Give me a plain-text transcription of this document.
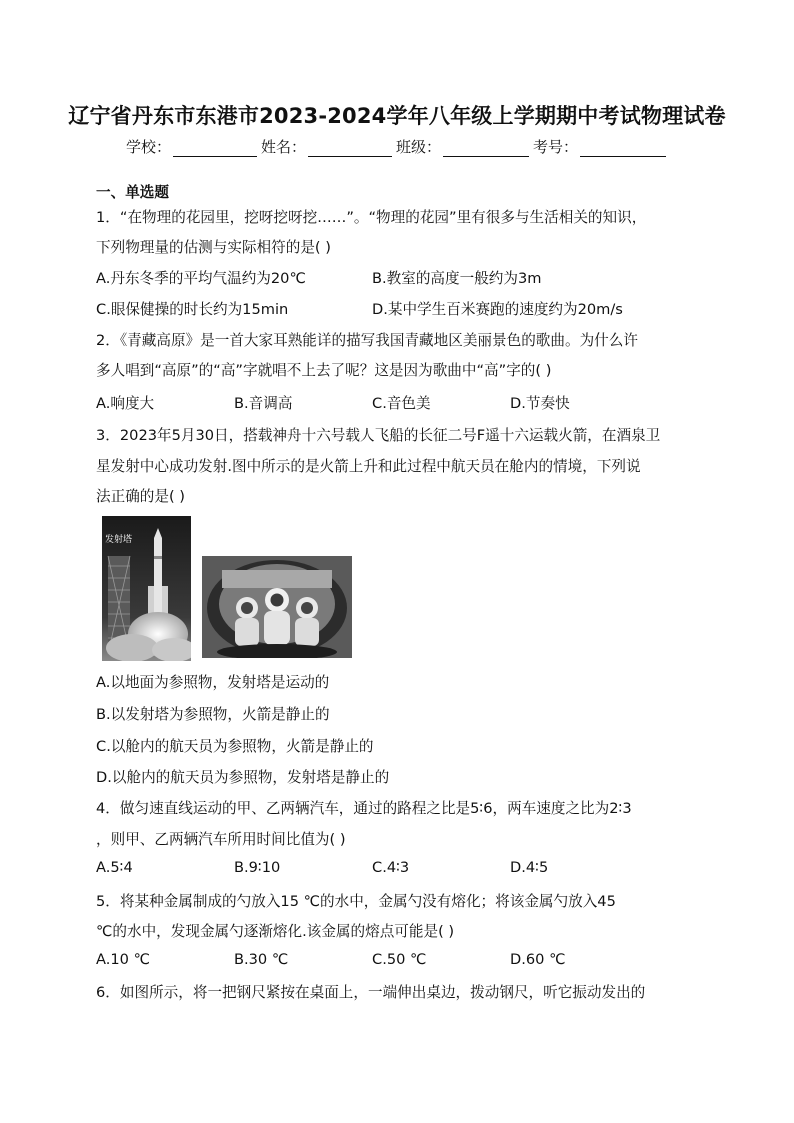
辽宁省丹东市东港市2023-2024学年八年级上学期期中考试物理试卷
学校：	姓名：	班级：	考号：
一、单选题
1．“在物理的花园里，挖呀挖呀挖……”。“物理的花园”里有很多与生活相关的知识，
下列物理量的估测与实际相符的是( )
A.丹东冬季的平均气温约为20℃	B.教室的高度一般约为3m
C.眼保健操的时长约为15min	D.某中学生百米赛跑的速度约为20m/s
2．《青藏高原》是一首大家耳熟能详的描写我国青藏地区美丽景色的歌曲。为什么许
多人唱到“高原”的“高”字就唱不上去了呢？这是因为歌曲中“高”字的( )
A.响度大	B.音调高	C.音色美	D.节奏快
3．2023年5月30日，搭载神舟十六号载人飞船的长征二号F遥十六运载火箭，在酒泉卫
星发射中心成功发射.图中所示的是火箭上升和此过程中航天员在舱内的情境，下列说
法正确的是( )
发射塔
A.以地面为参照物，发射塔是运动的
B.以发射塔为参照物，火箭是静止的
C.以舱内的航天员为参照物，火箭是静止的
D.以舱内的航天员为参照物，发射塔是静止的
4．做匀速直线运动的甲、乙两辆汽车，通过的路程之比是5∶6，两车速度之比为2∶3
，则甲、乙两辆汽车所用时间比值为( )
A.5∶4	B.9∶10	C.4∶3	D.4∶5
5．将某种金属制成的勺放入15 ℃的水中，金属勺没有熔化；将该金属勺放入45
℃的水中，发现金属勺逐渐熔化.该金属的熔点可能是( )
A.10 ℃	B.30 ℃	C.50 ℃	D.60 ℃
6．如图所示，将一把钢尺紧按在桌面上，一端伸出桌边，拨动钢尺，听它振动发出的
